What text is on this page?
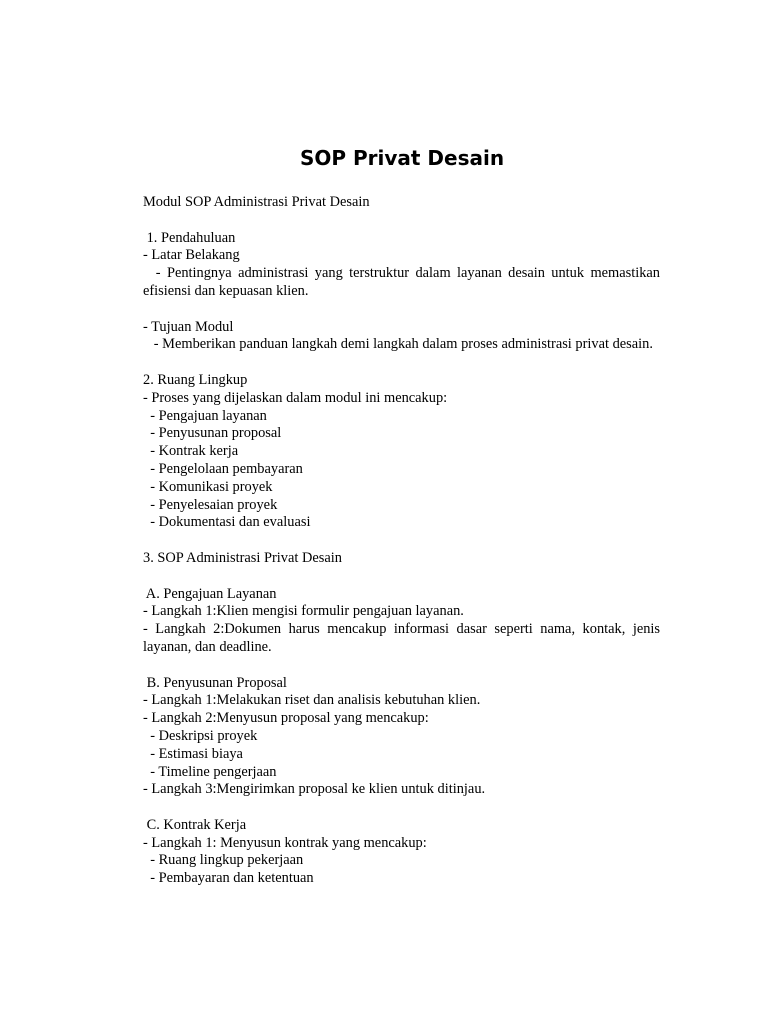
SOP Privat Desain
Modul SOP Administrasi Privat Desain
1. Pendahuluan
- Latar Belakang
- Pentingnya administrasi yang terstruktur dalam layanan desain untuk memastikan efisiensi dan kepuasan klien.
- Tujuan Modul
- Memberikan panduan langkah demi langkah dalam proses administrasi privat desain.
2. Ruang Lingkup
- Proses yang dijelaskan dalam modul ini mencakup:
- Pengajuan layanan
- Penyusunan proposal
- Kontrak kerja
- Pengelolaan pembayaran
- Komunikasi proyek
- Penyelesaian proyek
- Dokumentasi dan evaluasi
3. SOP Administrasi Privat Desain
A. Pengajuan Layanan
- Langkah 1:Klien mengisi formulir pengajuan layanan.
- Langkah 2:Dokumen harus mencakup informasi dasar seperti nama, kontak, jenis layanan, dan deadline.
B. Penyusunan Proposal
- Langkah 1:Melakukan riset dan analisis kebutuhan klien.
- Langkah 2:Menyusun proposal yang mencakup:
- Deskripsi proyek
- Estimasi biaya
- Timeline pengerjaan
- Langkah 3:Mengirimkan proposal ke klien untuk ditinjau.
C. Kontrak Kerja
- Langkah 1: Menyusun kontrak yang mencakup:
- Ruang lingkup pekerjaan
- Pembayaran dan ketentuan
